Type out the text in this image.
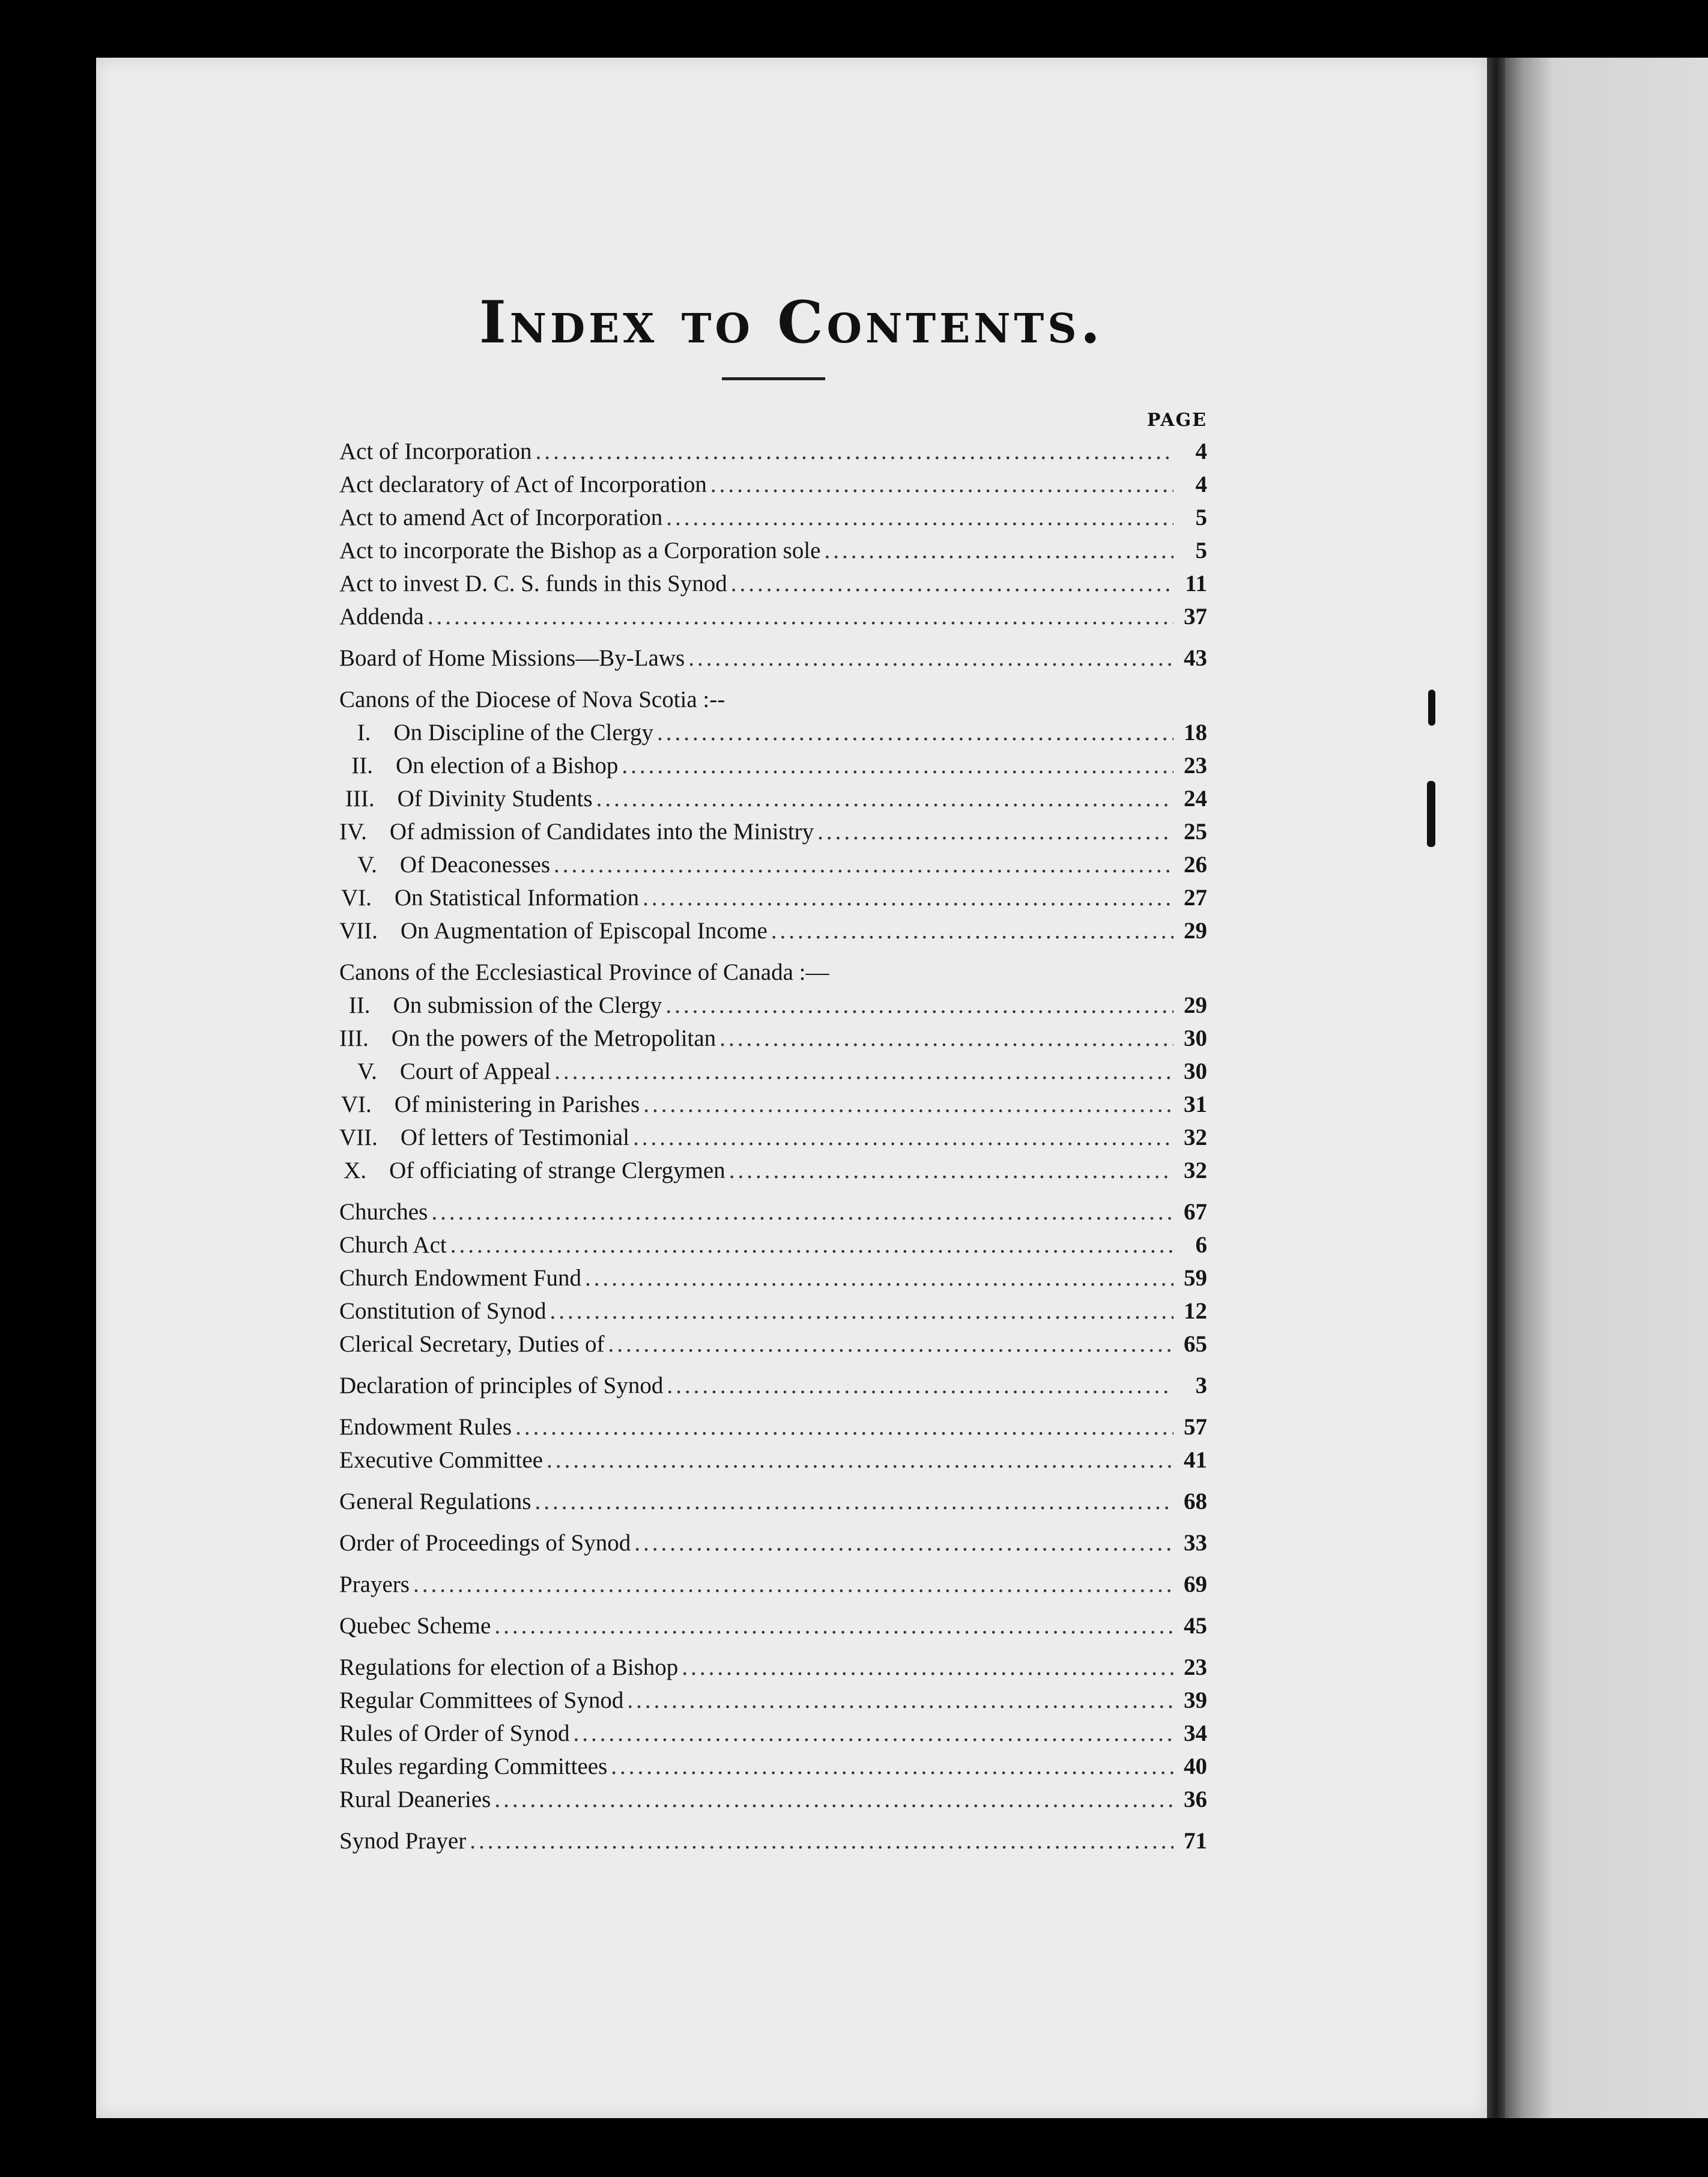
Index to Contents.
PAGE
Act of Incorporation .....	4
Act declaratory of Act of Incorporation .....	4
Act to amend Act of Incorporation .....	5
Act to incorporate the Bishop as a Corporation sole .....	5
Act to invest D. C. S. funds in this Synod .....	11
Addenda .....	37
Board of Home Missions—By-Laws .....	43
Canons of the Diocese of Nova Scotia :--
I. On Discipline of the Clergy .....	18
II. On election of a Bishop .....	23
III. Of Divinity Students .....	24
IV. Of admission of Candidates into the Ministry .....	25
V. Of Deaconesses .....	26
VI. On Statistical Information .....	27
VII. On Augmentation of Episcopal Income .....	29
Canons of the Ecclesiastical Province of Canada :—
II. On submission of the Clergy .....	29
III. On the powers of the Metropolitan .....	30
V. Court of Appeal .....	30
VI. Of ministering in Parishes .....	31
VII. Of letters of Testimonial .....	32
X. Of officiating of strange Clergymen .....	32
Churches .....	67
Church Act .....	6
Church Endowment Fund .....	59
Constitution of Synod .....	12
Clerical Secretary, Duties of .....	65
Declaration of principles of Synod .....	3
Endowment Rules .....	57
Executive Committee .....	41
General Regulations .....	68
Order of Proceedings of Synod .....	33
Prayers .....	69
Quebec Scheme .....	45
Regulations for election of a Bishop .....	23
Regular Committees of Synod .....	39
Rules of Order of Synod .....	34
Rules regarding Committees .....	40
Rural Deaneries .....	36
Synod Prayer .....	71
